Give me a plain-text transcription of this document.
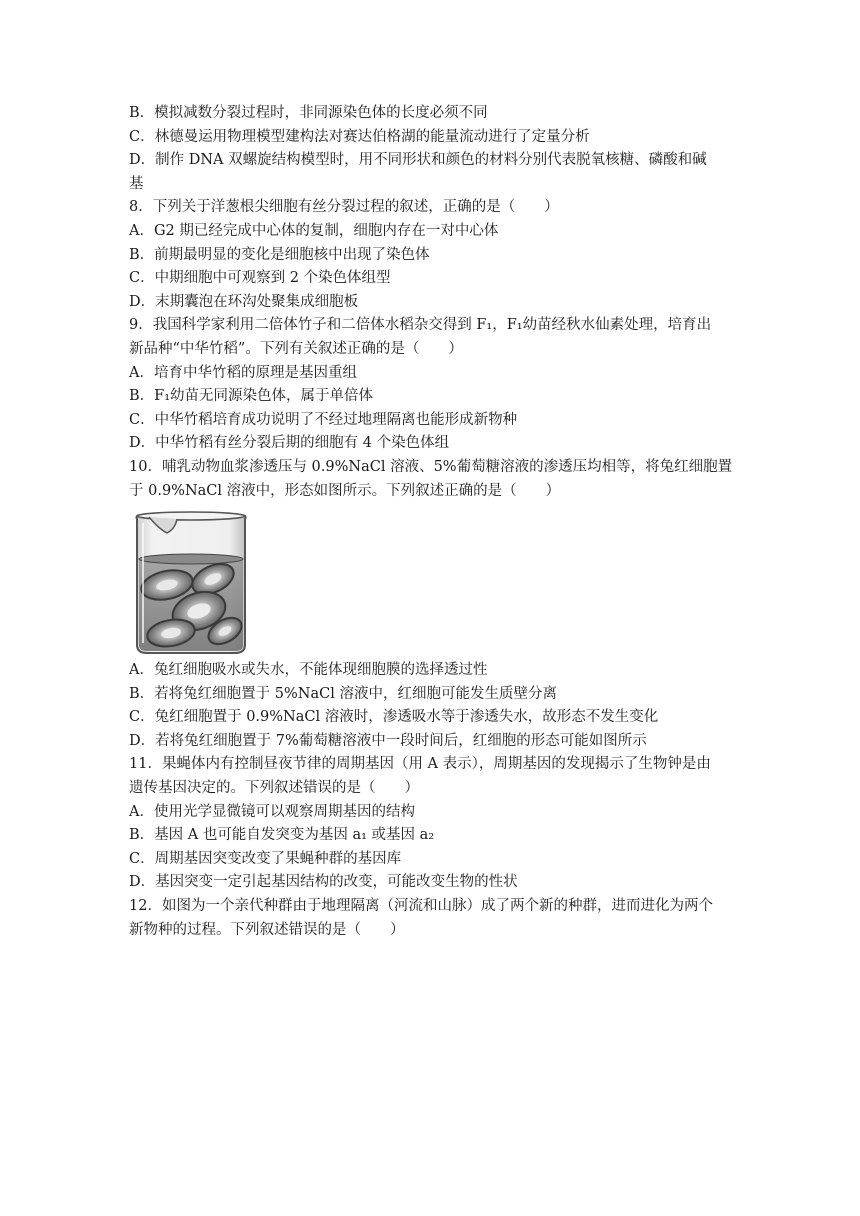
B．模拟减数分裂过程时，非同源染色体的长度必须不同
C．林德曼运用物理模型建构法对赛达伯格湖的能量流动进行了定量分析
D．制作 DNA 双螺旋结构模型时，用不同形状和颜色的材料分别代表脱氧核糖、磷酸和碱
基
8．下列关于洋葱根尖细胞有丝分裂过程的叙述，正确的是（　　）
A．G2 期已经完成中心体的复制，细胞内存在一对中心体
B．前期最明显的变化是细胞核中出现了染色体
C．中期细胞中可观察到 2 个染色体组型
D．末期囊泡在环沟处聚集成细胞板
9．我国科学家利用二倍体竹子和二倍体水稻杂交得到 F₁，F₁幼苗经秋水仙素处理，培育出
新品种“中华竹稻”。下列有关叙述正确的是（　　）
A．培育中华竹稻的原理是基因重组
B．F₁幼苗无同源染色体，属于单倍体
C．中华竹稻培育成功说明了不经过地理隔离也能形成新物种
D．中华竹稻有丝分裂后期的细胞有 4 个染色体组
10．哺乳动物血浆渗透压与 0.9%NaCl 溶液、5%葡萄糖溶液的渗透压均相等，将兔红细胞置
于 0.9%NaCl 溶液中，形态如图所示。下列叙述正确的是（　　）
A．兔红细胞吸水或失水，不能体现细胞膜的选择透过性
B．若将兔红细胞置于 5%NaCl 溶液中，红细胞可能发生质壁分离
C．兔红细胞置于 0.9%NaCl 溶液时，渗透吸水等于渗透失水，故形态不发生变化
D．若将兔红细胞置于 7%葡萄糖溶液中一段时间后，红细胞的形态可能如图所示
11．果蝇体内有控制昼夜节律的周期基因（用 A 表示），周期基因的发现揭示了生物钟是由
遗传基因决定的。下列叙述错误的是（　　）
A．使用光学显微镜可以观察周期基因的结构
B．基因 A 也可能自发突变为基因 a₁ 或基因 a₂
C．周期基因突变改变了果蝇种群的基因库
D．基因突变一定引起基因结构的改变，可能改变生物的性状
12．如图为一个亲代种群由于地理隔离（河流和山脉）成了两个新的种群，进而进化为两个
新物种的过程。下列叙述错误的是（　　）
